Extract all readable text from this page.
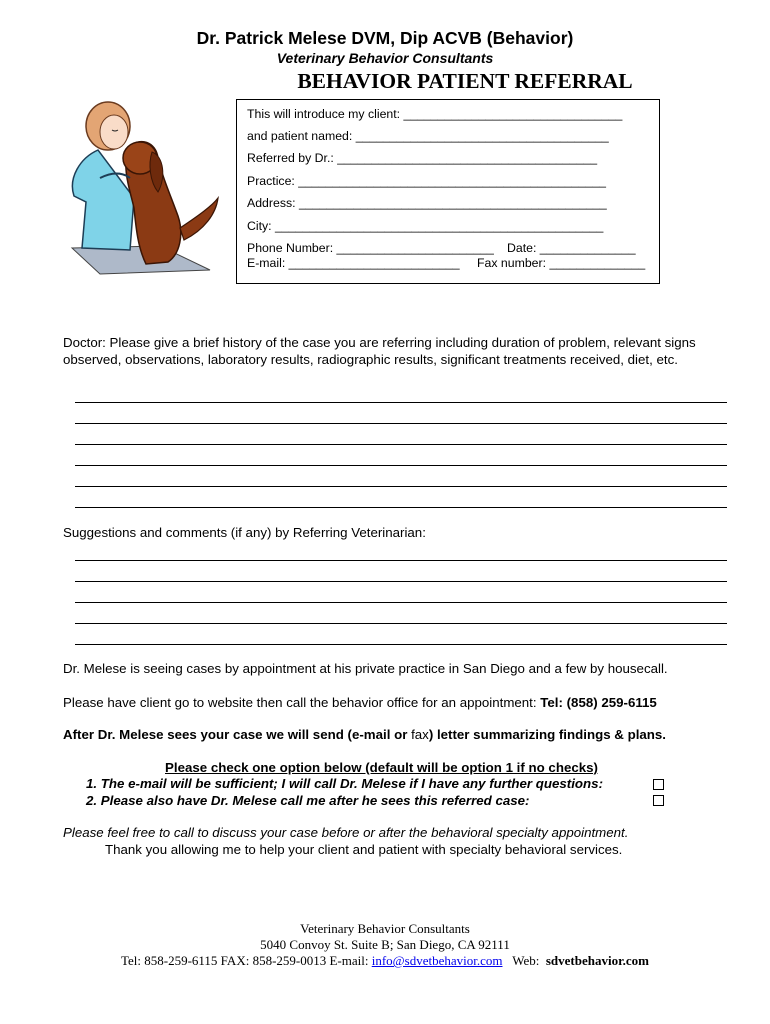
Dr. Patrick Melese DVM, Dip ACVB (Behavior)
Veterinary Behavior Consultants
BEHAVIOR PATIENT REFERRAL
This will introduce my client: ________________________________
and patient named: _____________________________________
Referred by Dr.: ______________________________________
Practice: _____________________________________________
Address: _____________________________________________
City: ________________________________________________
Phone Number: _______________________ Date: ______________
E-mail: _________________________ Fax number: ______________
Doctor: Please give a brief history of the case you are referring including duration of problem, relevant signs observed, observations, laboratory results, radiographic results, significant treatments received, diet, etc.
Suggestions and comments (if any) by Referring Veterinarian:
Dr. Melese is seeing cases by appointment at his private practice in San Diego and a few by housecall.
Please have client go to website then call the behavior office for an appointment: Tel: (858) 259-6115
After Dr. Melese sees your case we will send (e-mail or fax) letter summarizing findings & plans.
Please check one option below (default will be option 1 if no checks)
1. The e-mail will be sufficient; I will call Dr. Melese if I have any further questions:
2. Please also have Dr. Melese call me after he sees this referred case:
Please feel free to call to discuss your case before or after the behavioral specialty appointment.
Thank you allowing me to help your client and patient with specialty behavioral services.
Veterinary Behavior Consultants
5040 Convoy St. Suite B; San Diego, CA 92111
Tel: 858-259-6115 FAX: 858-259-0013 E-mail: info@sdvetbehavior.com Web: sdvetbehavior.com
